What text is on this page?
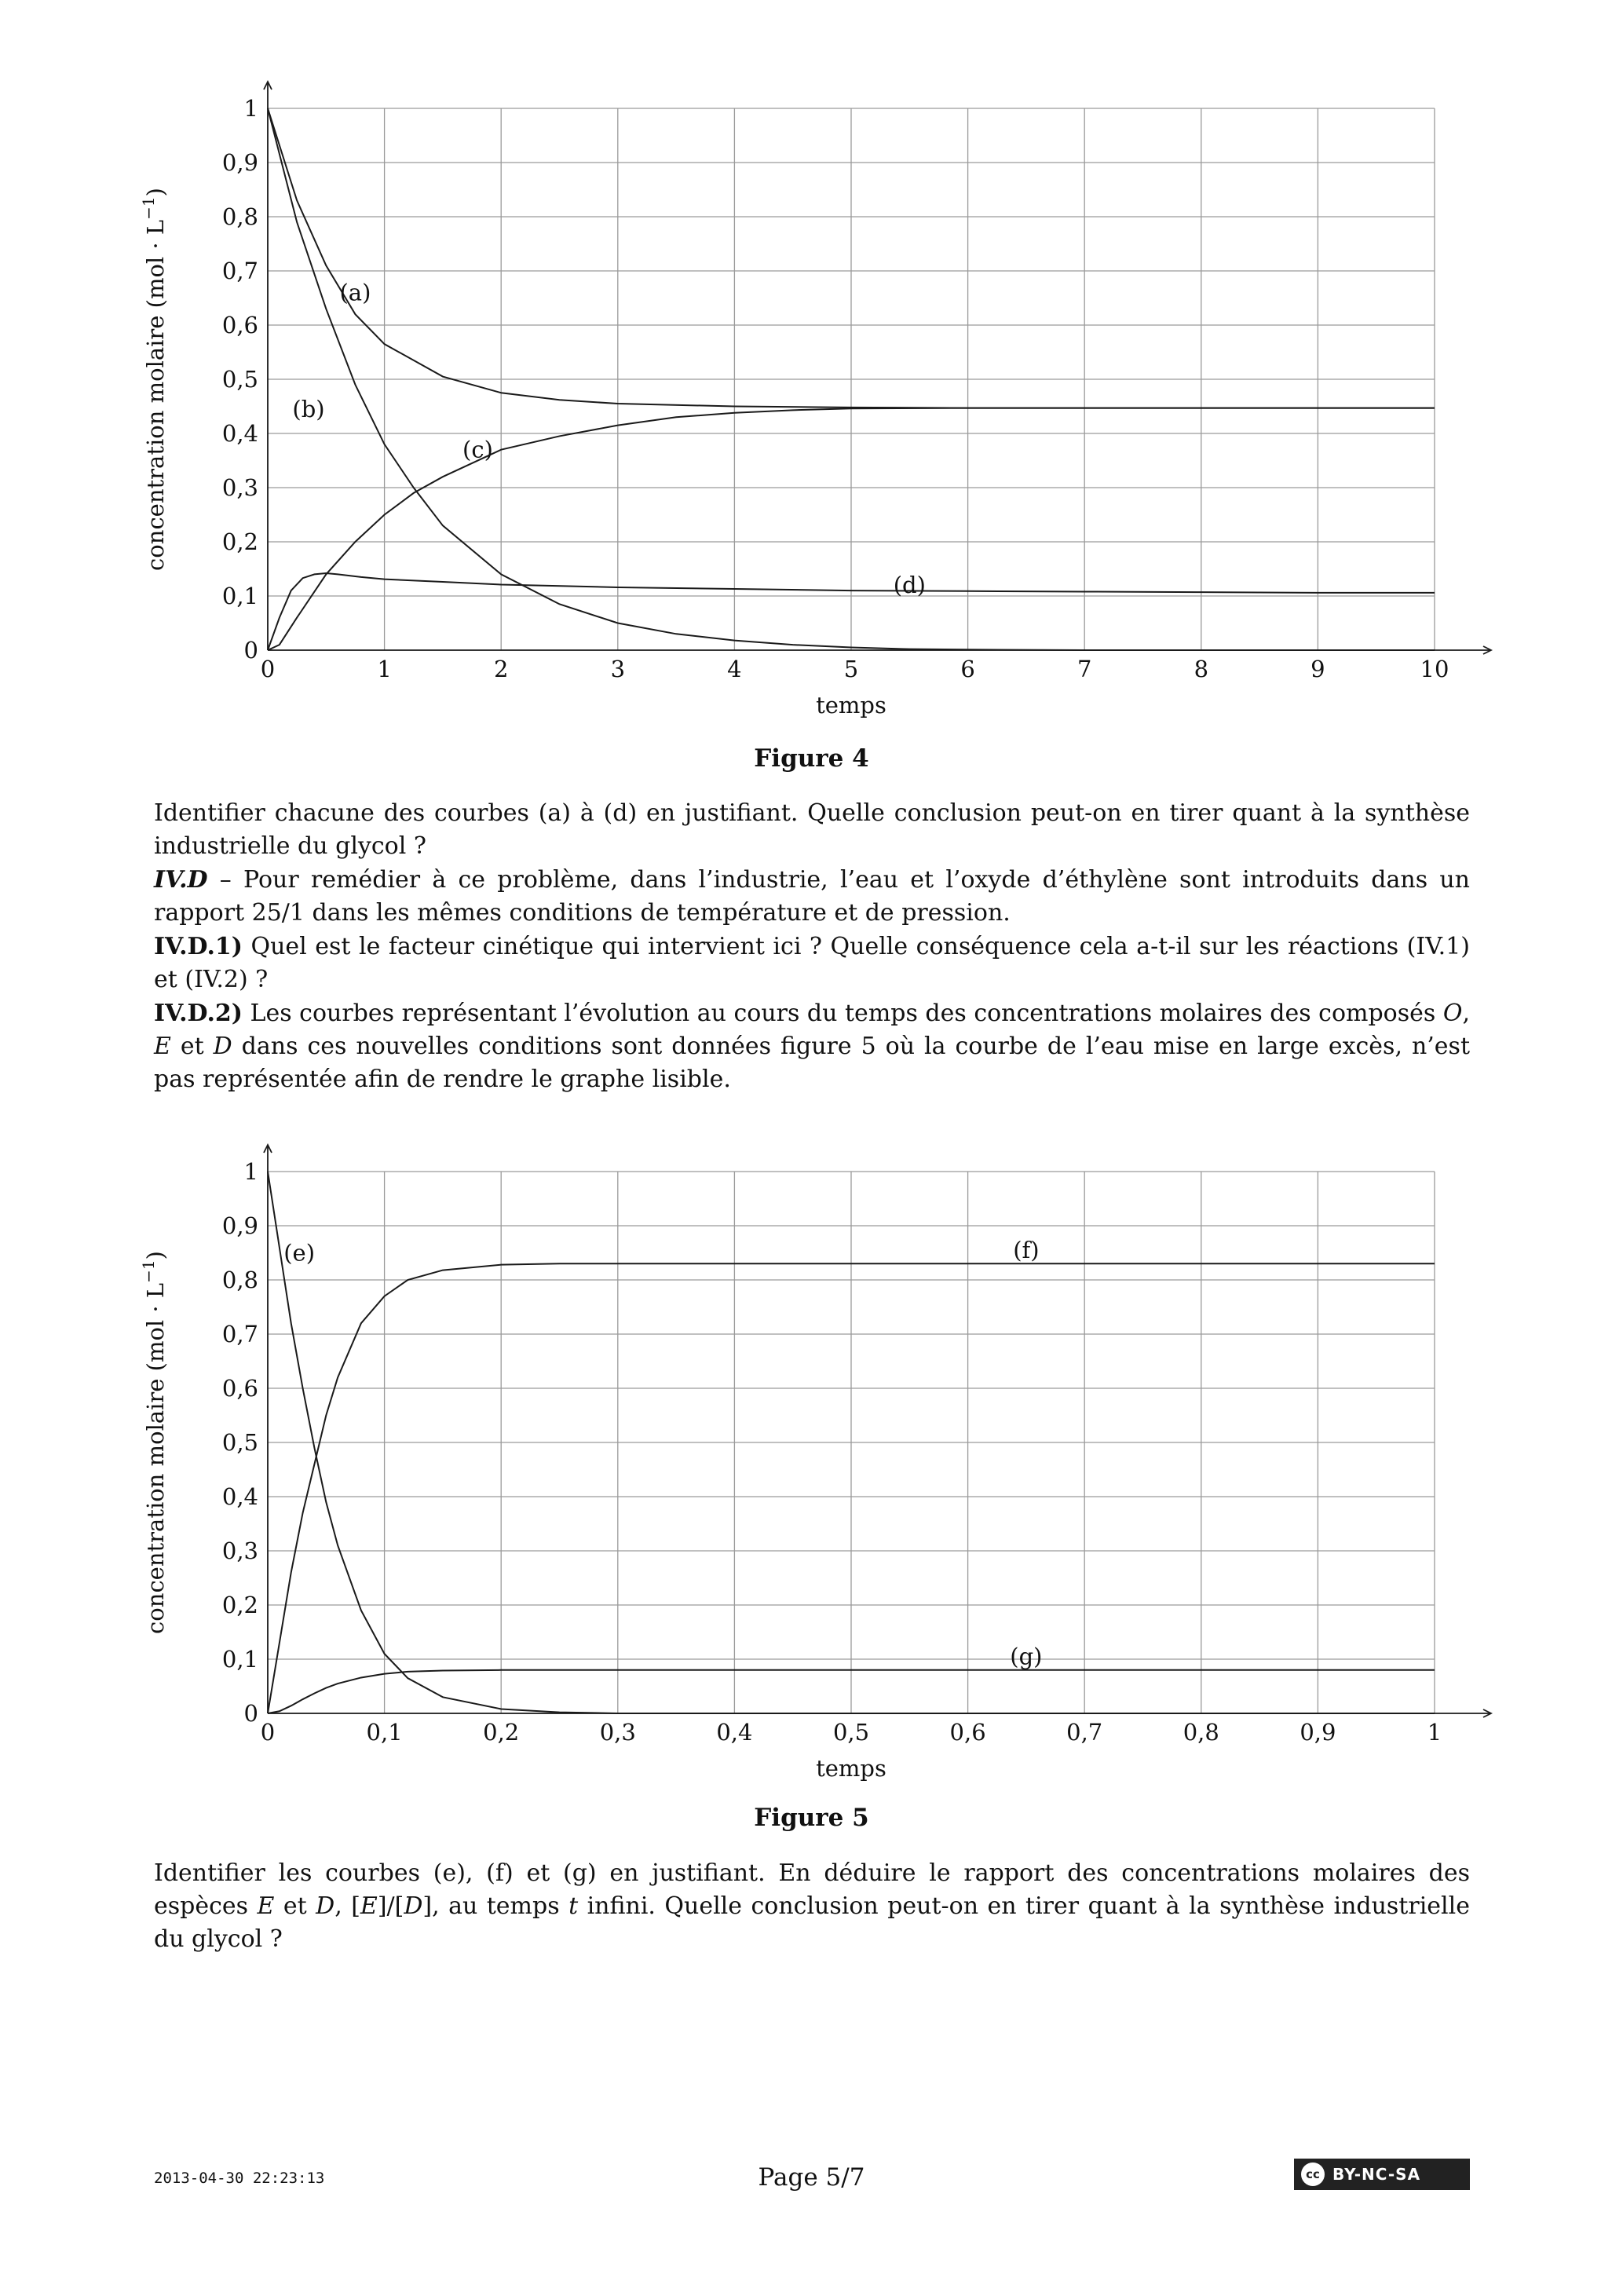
0	1	2	3	4	5	6	7	8	9	10
0
0,1
0,2
0,3
0,4
0,5
0,6
0,7
0,8
0,9
1
temps
concentration molaire $(mol \cdot L^{-1})$
(a)
(b)
(c)
(d)
Figure 4

Identifier chacune des courbes (a) à (d) en justifiant. Quelle conclusion peut-on en tirer quant à la synthèse industrielle du glycol ?

IV.D – Pour remédier à ce problème, dans l’industrie, l’eau et l’oxyde d’éthylène sont introduits dans un rapport 25/1 dans les mêmes conditions de température et de pression.

IV.D.1) Quel est le facteur cinétique qui intervient ici ? Quelle conséquence cela a-t-il sur les réactions (IV.1) et (IV.2) ?

IV.D.2) Les courbes représentant l’évolution au cours du temps des concentrations molaires des composés O, E et D dans ces nouvelles conditions sont données figure 5 où la courbe de l’eau mise en large excès, n’est pas représentée afin de rendre le graphe lisible.

0	0,1	0,2	0,3	0,4	0,5	0,6	0,7	0,8	0,9	1
0
0,1
0,2
0,3
0,4
0,5
0,6
0,7
0,8
0,9
1
temps
concentration molaire $(mol \cdot L^{-1})$	(e)	(f)
(g)
Figure 5

Identifier les courbes (e), (f) et (g) en justifiant. En déduire le rapport des concentrations molaires des espèces E et D, [E]/[D], au temps t infini. Quelle conclusion peut-on en tirer quant à la synthèse industrielle du glycol ?

2013-04-30 22:23:13	Page 5/7	cc BY-NC-SA
